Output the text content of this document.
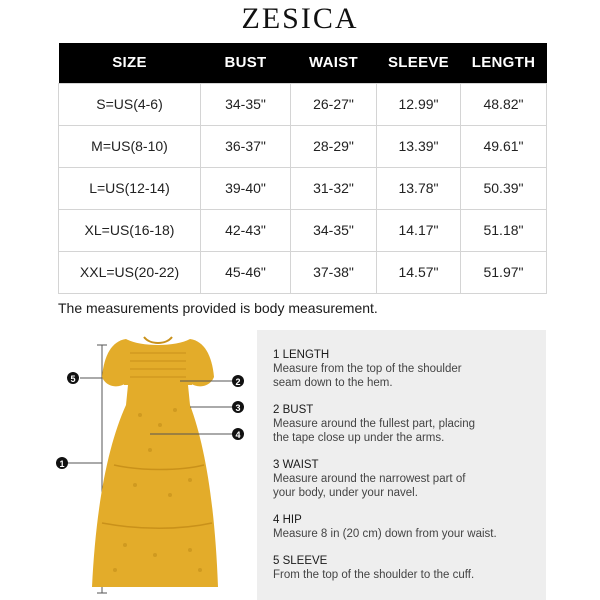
ZESICA
SIZE	BUST	WAIST	SLEEVE	LENGTH
S=US(4-6)	34-35"	26-27"	12.99"	48.82"
M=US(8-10)	36-37"	28-29"	13.39"	49.61"
L=US(12-14)	39-40"	31-32"	13.78"	50.39"
XL=US(16-18)	42-43"	34-35"	14.17"	51.18"
XXL=US(20-22)	45-46"	37-38"	14.57"	51.97"
The measurements provided is body measurement.
5	2
3
4
1
1 LENGTH
Measure from the top of the shoulder
seam down to the hem.
2 BUST
Measure around the fullest part, placing
the tape close up under the arms.
3 WAIST
Measure around the narrowest part of
your body, under your navel.
4 HIP
Measure 8 in (20 cm) down from your waist.
5 SLEEVE
From the top of the shoulder to the cuff.
